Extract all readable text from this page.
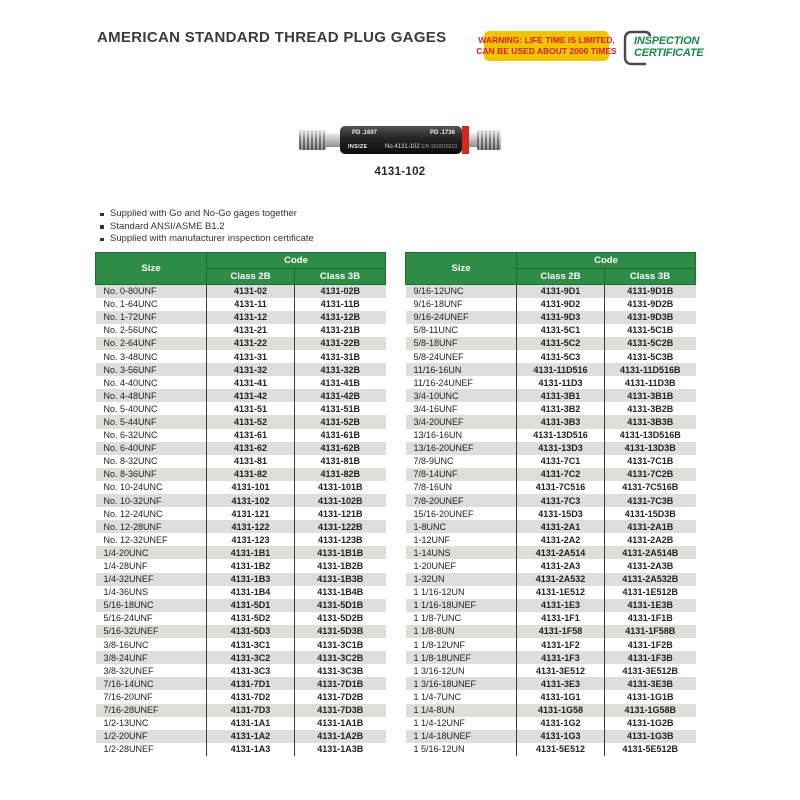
AMERICAN STANDARD THREAD PLUG GAGES	WARNING: LIFE TIME IS LIMITED,
CAN BE USED ABOUT 2000 TIMES
INSPECTION
CERTIFICATE
PD .1697	PD .1736
INSIZE	No.4131-102 S/N 1818/16013
4131-102
Supplied with Go and No-Go gages together
Standard ANSI/ASME B1.2
Supplied with manufacturer inspection certificate
Size	Code	
	Class 2B	Class 3B
No. 0-80UNF	4131-02	4131-02B
No. 1-64UNC	4131-11	4131-11B
No. 1-72UNF	4131-12	4131-12B
No. 2-56UNC	4131-21	4131-21B
No. 2-64UNF	4131-22	4131-22B
No. 3-48UNC	4131-31	4131-31B
No. 3-56UNF	4131-32	4131-32B
No. 4-40UNC	4131-41	4131-41B
No. 4-48UNF	4131-42	4131-42B
No. 5-40UNC	4131-51	4131-51B
No. 5-44UNF	4131-52	4131-52B
No. 6-32UNC	4131-61	4131-61B
No. 6-40UNF	4131-62	4131-62B
No. 8-32UNC	4131-81	4131-81B
No. 8-36UNF	4131-82	4131-82B
No. 10-24UNC	4131-101	4131-101B
No. 10-32UNF	4131-102	4131-102B
No. 12-24UNC	4131-121	4131-121B
No. 12-28UNF	4131-122	4131-122B
No. 12-32UNEF	4131-123	4131-123B
1/4-20UNC	4131-1B1	4131-1B1B
1/4-28UNF	4131-1B2	4131-1B2B
1/4-32UNEF	4131-1B3	4131-1B3B
1/4-36UNS	4131-1B4	4131-1B4B
5/16-18UNC	4131-5D1	4131-5D1B
5/16-24UNF	4131-5D2	4131-5D2B
5/16-32UNEF	4131-5D3	4131-5D3B
3/8-16UNC	4131-3C1	4131-3C1B
3/8-24UNF	4131-3C2	4131-3C2B
3/8-32UNEF	4131-3C3	4131-3C3B
7/16-14UNC	4131-7D1	4131-7D1B
7/16-20UNF	4131-7D2	4131-7D2B
7/16-28UNEF	4131-7D3	4131-7D3B
1/2-13UNC	4131-1A1	4131-1A1B
1/2-20UNF	4131-1A2	4131-1A2B
1/2-28UNEF	4131-1A3	4131-1A3B
Size	Code	
	Class 2B	Class 3B
9/16-12UNC	4131-9D1	4131-9D1B
9/16-18UNF	4131-9D2	4131-9D2B
9/16-24UNEF	4131-9D3	4131-9D3B
5/8-11UNC	4131-5C1	4131-5C1B
5/8-18UNF	4131-5C2	4131-5C2B
5/8-24UNEF	4131-5C3	4131-5C3B
11/16-16UN	4131-11D516	4131-11D516B
11/16-24UNEF	4131-11D3	4131-11D3B
3/4-10UNC	4131-3B1	4131-3B1B
3/4-16UNF	4131-3B2	4131-3B2B
3/4-20UNEF	4131-3B3	4131-3B3B
13/16-16UN	4131-13D516	4131-13D516B
13/16-20UNEF	4131-13D3	4131-13D3B
7/8-9UNC	4131-7C1	4131-7C1B
7/8-14UNF	4131-7C2	4131-7C2B
7/8-16UN	4131-7C516	4131-7C516B
7/8-20UNEF	4131-7C3	4131-7C3B
15/16-20UNEF	4131-15D3	4131-15D3B
1-8UNC	4131-2A1	4131-2A1B
1-12UNF	4131-2A2	4131-2A2B
1-14UNS	4131-2A514	4131-2A514B
1-20UNEF	4131-2A3	4131-2A3B
1-32UN	4131-2A532	4131-2A532B
1 1/16-12UN	4131-1E512	4131-1E512B
1 1/16-18UNEF	4131-1E3	4131-1E3B
1 1/8-7UNC	4131-1F1	4131-1F1B
1 1/8-8UN	4131-1F58	4131-1F58B
1 1/8-12UNF	4131-1F2	4131-1F2B
1 1/8-18UNEF	4131-1F3	4131-1F3B
1 3/16-12UN	4131-3E512	4131-3E512B
1 3/16-18UNEF	4131-3E3	4131-3E3B
1 1/4-7UNC	4131-1G1	4131-1G1B
1 1/4-8UN	4131-1G58	4131-1G58B
1 1/4-12UNF	4131-1G2	4131-1G2B
1 1/4-18UNEF	4131-1G3	4131-1G3B
1 5/16-12UN	4131-5E512	4131-5E512B
